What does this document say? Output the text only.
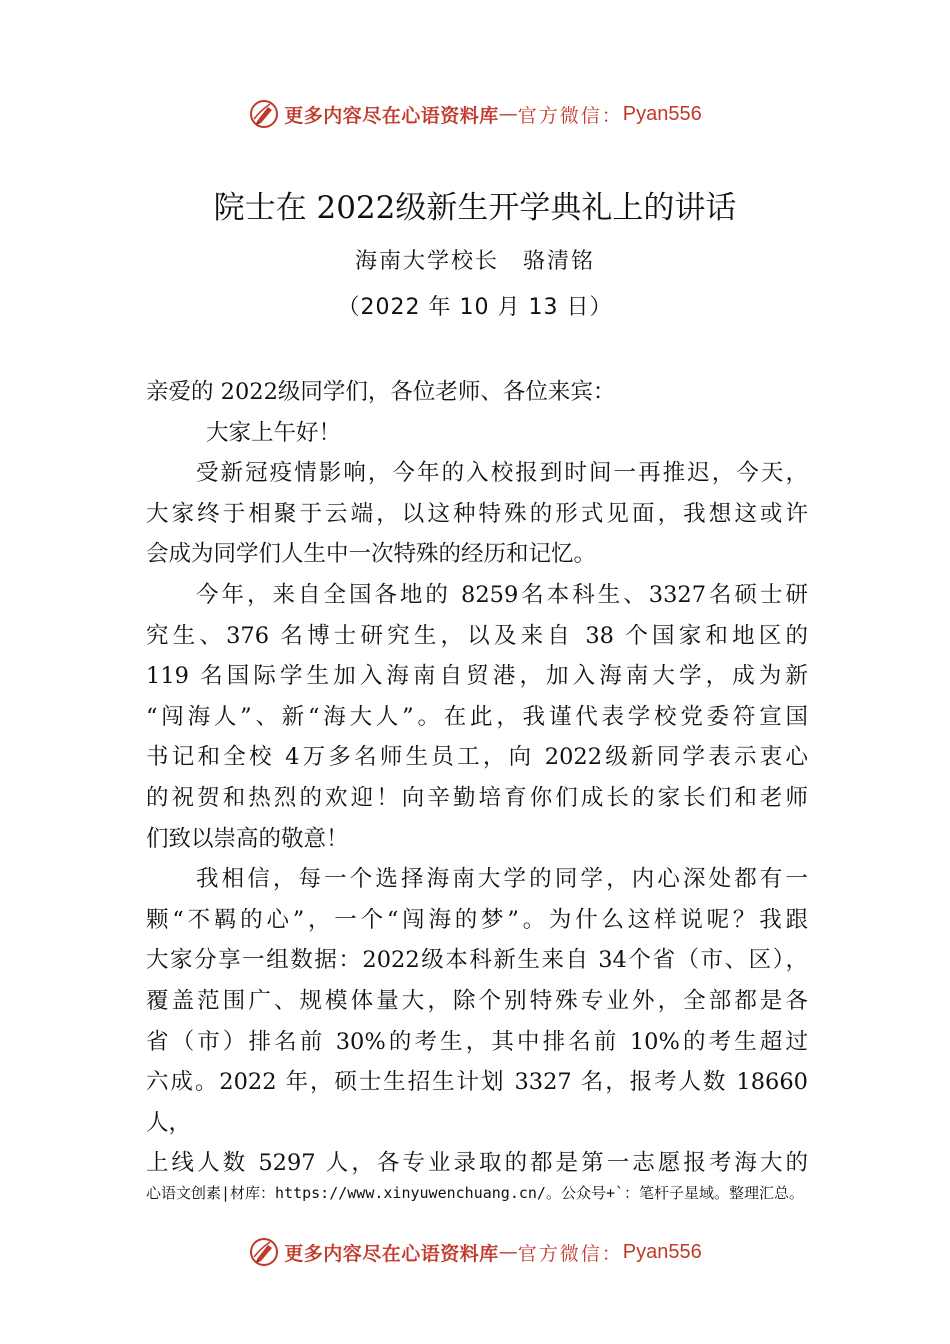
更多内容尽在心语资料库 — 官方微信： Pyan556
院士在 2022级新生开学典礼上的讲话
海南大学校长　骆清铭
（2022 年 10 月 13 日）
亲爱的 2022级同学们，各位老师、各位来宾：
大家上午好！
受新冠疫情影响，今年的入校报到时间一再推迟，今天，
大家终于相聚于云端，以这种特殊的形式见面，我想这或许
会成为同学们人生中一次特殊的经历和记忆。
今年，来自全国各地的 8259名本科生、3327名硕士研
究生、376 名博士研究生，以及来自 38 个国家和地区的
119 名国际学生加入海南自贸港，加入海南大学，成为新
“闯海人”、新“海大人”。在此，我谨代表学校党委符宣国
书记和全校 4万多名师生员工，向 2022级新同学表示衷心
的祝贺和热烈的欢迎！向辛勤培育你们成长的家长们和老师
们致以崇高的敬意！
我相信，每一个选择海南大学的同学，内心深处都有一
颗“不羁的心”，一个“闯海的梦”。为什么这样说呢？我跟
大家分享一组数据：2022级本科新生来自 34个省（市、区），
覆盖范围广、规模体量大，除个别特殊专业外，全部都是各
省（市）排名前 30%的考生，其中排名前 10%的考生超过
六成。2022 年，硕士生招生计划 3327 名，报考人数 18660
人，
上线人数 5297 人，各专业录取的都是第一志愿报考海大的
心语文创素|材库：https://www.xinyuwenchuang.cn/。公众号+`：笔杆子星域。整理汇总。
更多内容尽在心语资料库 — 官方微信： Pyan556
